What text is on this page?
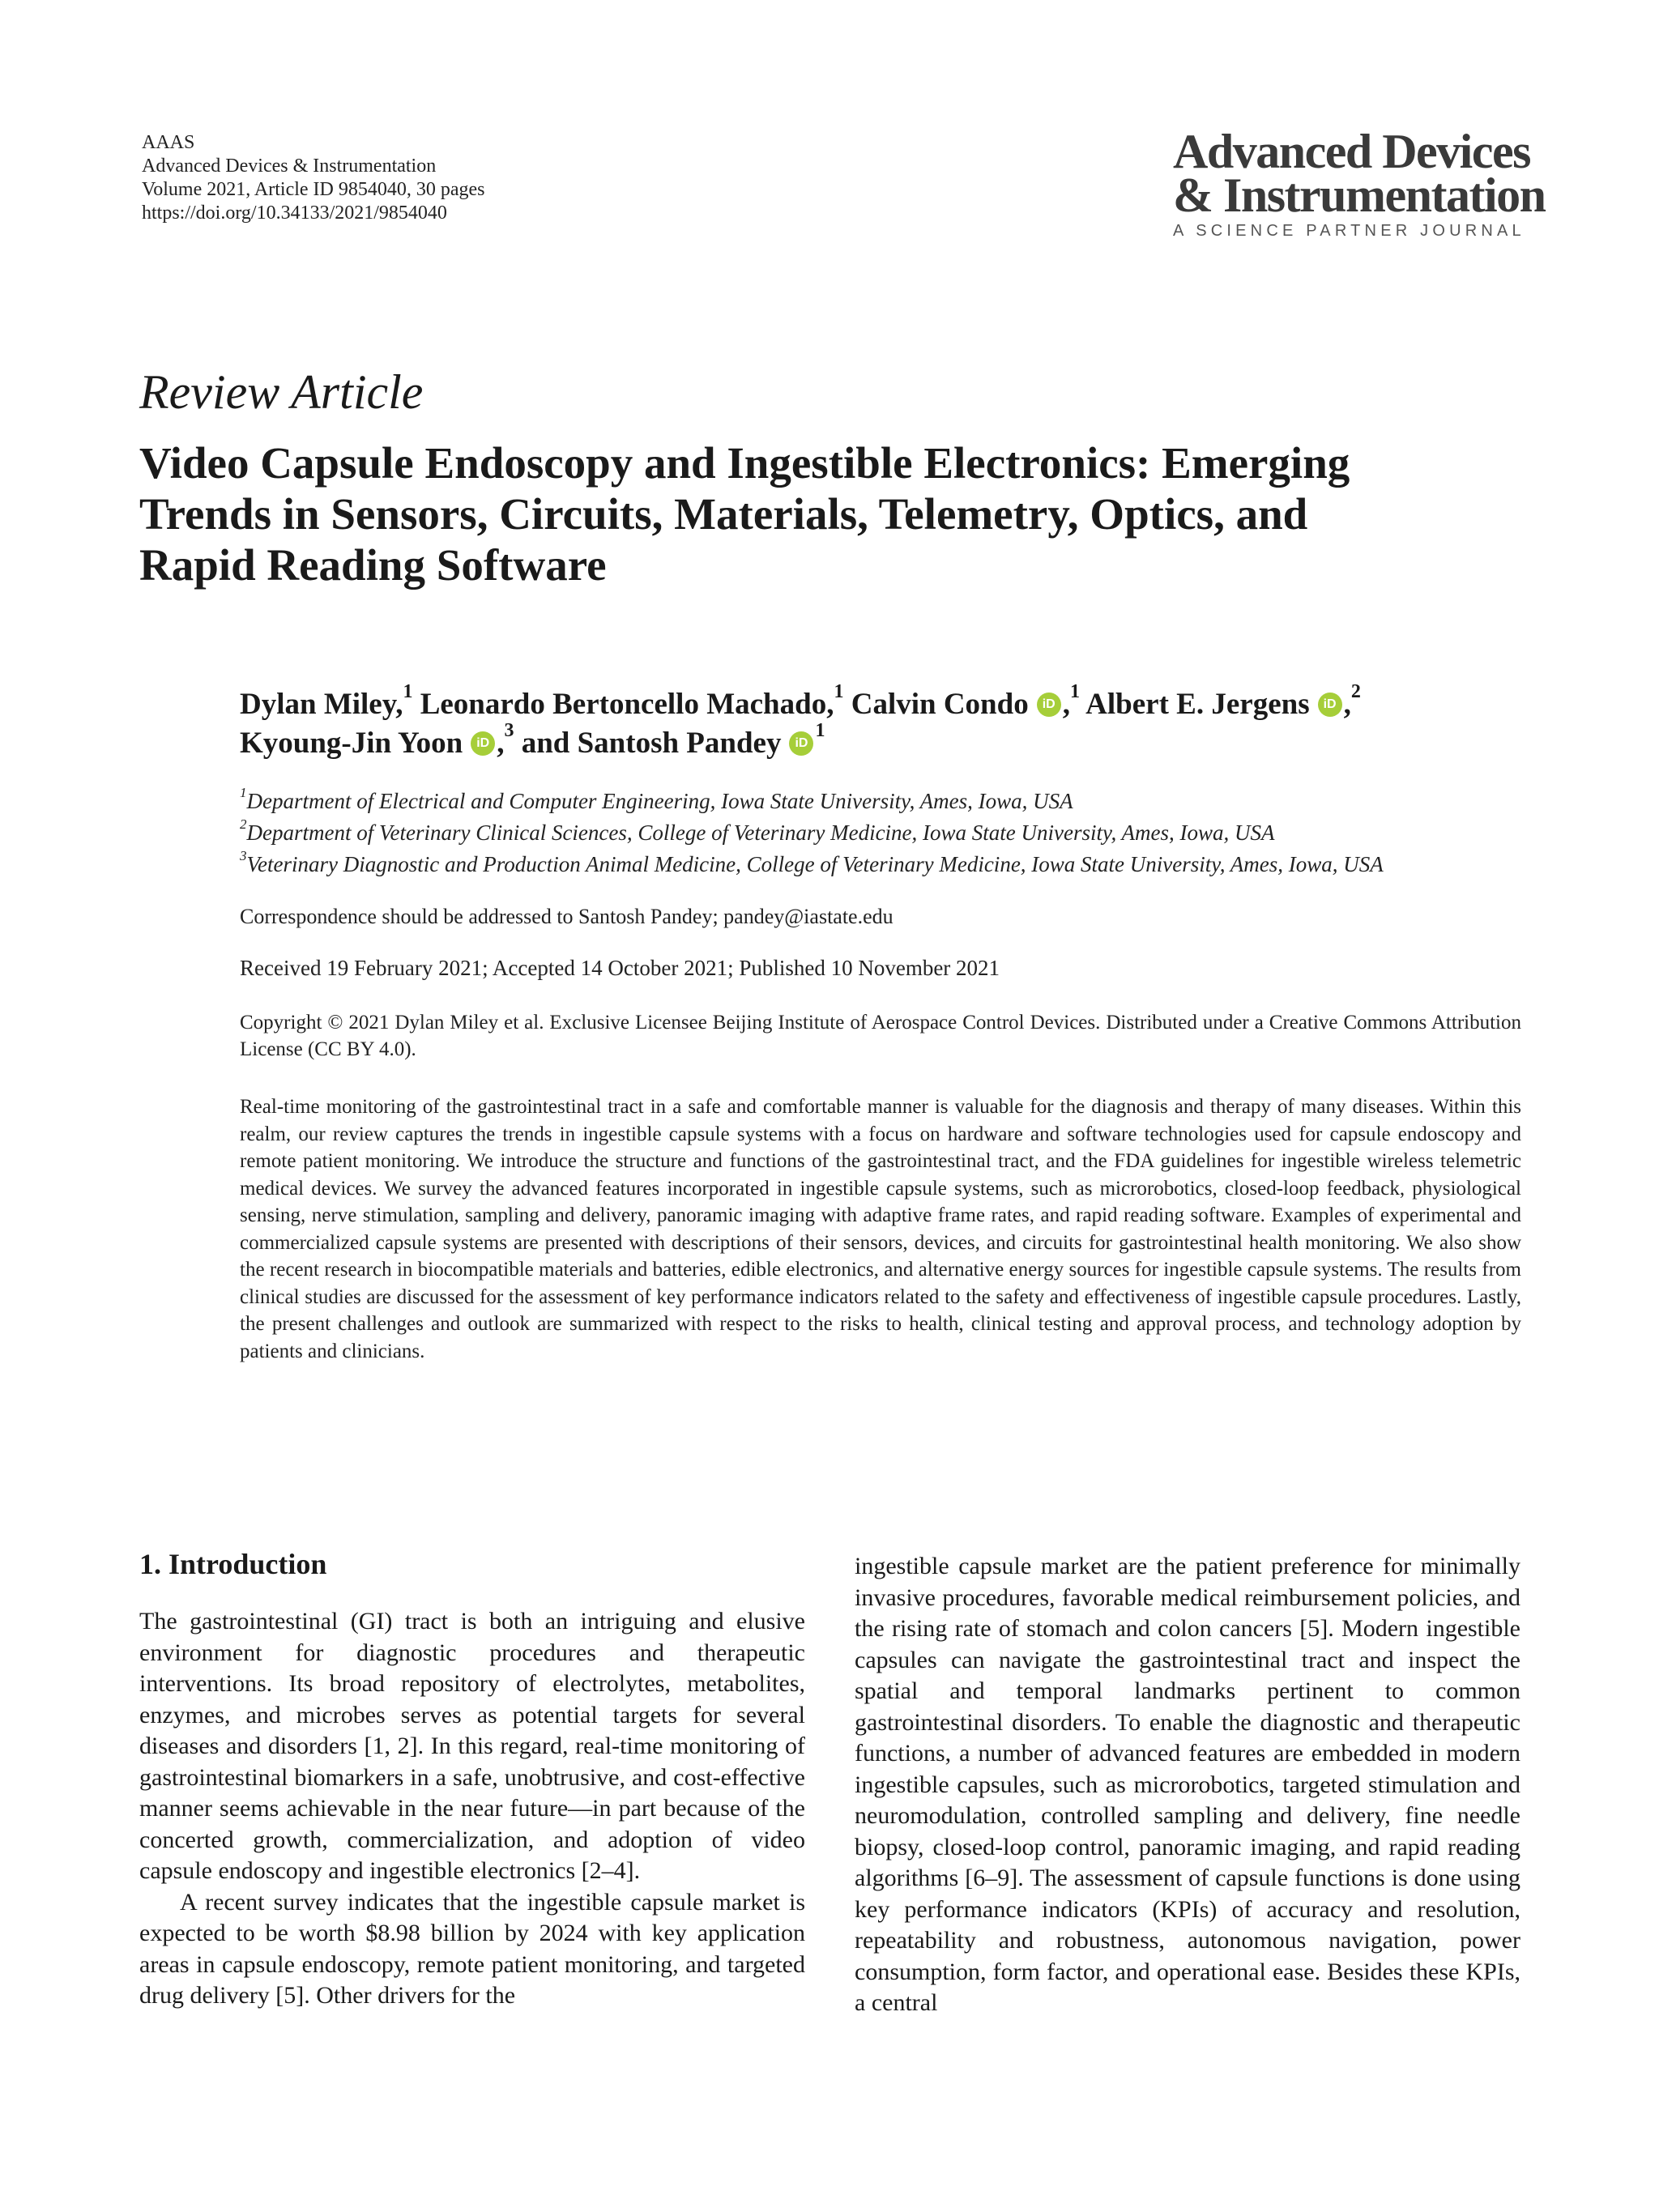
AAAS
Advanced Devices & Instrumentation
Volume 2021, Article ID 9854040, 30 pages
https://doi.org/10.34133/2021/9854040
Advanced Devices
& Instrumentation
A SCIENCE PARTNER JOURNAL
Review Article
Video Capsule Endoscopy and Ingestible Electronics: Emerging
Trends in Sensors, Circuits, Materials, Telemetry, Optics, and
Rapid Reading Software
Dylan Miley,$^1$ Leonardo Bertoncello Machado,$^1$ Calvin Condo iD ,$^1$ Albert E. Jergens iD ,$^2$
Kyoung-Jin Yoon iD ,$^3$ and Santosh Pandey $iD^1$
$^1$Department of Electrical and Computer Engineering, Iowa State University, Ames, Iowa, USA
$^2$Department of Veterinary Clinical Sciences, College of Veterinary Medicine, Iowa State University, Ames, Iowa, USA
$^3$Veterinary Diagnostic and Production Animal Medicine, College of Veterinary Medicine, Iowa State University, Ames, Iowa, USA
Correspondence should be addressed to Santosh Pandey; pandey@iastate.edu
Received 19 February 2021; Accepted 14 October 2021; Published 10 November 2021
Copyright © 2021 Dylan Miley et al. Exclusive Licensee Beijing Institute of Aerospace Control Devices. Distributed under a Creative Commons Attribution License (CC BY 4.0).
Real-time monitoring of the gastrointestinal tract in a safe and comfortable manner is valuable for the diagnosis and therapy of many diseases. Within this realm, our review captures the trends in ingestible capsule systems with a focus on hardware and software technologies used for capsule endoscopy and remote patient monitoring. We introduce the structure and functions of the gastrointestinal tract, and the FDA guidelines for ingestible wireless telemetric medical devices. We survey the advanced features incorporated in ingestible capsule systems, such as microrobotics, closed-loop feedback, physiological sensing, nerve stimulation, sampling and delivery, panoramic imaging with adaptive frame rates, and rapid reading software. Examples of experimental and commercialized capsule systems are presented with descriptions of their sensors, devices, and circuits for gastrointestinal health monitoring. We also show the recent research in biocompatible materials and batteries, edible electronics, and alternative energy sources for ingestible capsule systems. The results from clinical studies are discussed for the assessment of key performance indicators related to the safety and effectiveness of ingestible capsule procedures. Lastly, the present challenges and outlook are summarized with respect to the risks to health, clinical testing and approval process, and technology adoption by patients and clinicians.
1. Introduction

The gastrointestinal (GI) tract is both an intriguing and elusive environment for diagnostic procedures and therapeutic interventions. Its broad repository of electrolytes, metabolites, enzymes, and microbes serves as potential targets for several diseases and disorders [1, 2]. In this regard, real-time monitoring of gastrointestinal biomarkers in a safe, unobtrusive, and cost-effective manner seems achievable in the near future—in part because of the concerted growth, commercialization, and adoption of video capsule endoscopy and ingestible electronics [2–4].

A recent survey indicates that the ingestible capsule market is expected to be worth $8.98 billion by 2024 with key application areas in capsule endoscopy, remote patient monitoring, and targeted drug delivery [5]. Other drivers for the

ingestible capsule market are the patient preference for minimally invasive procedures, favorable medical reimbursement policies, and the rising rate of stomach and colon cancers [5]. Modern ingestible capsules can navigate the gastrointestinal tract and inspect the spatial and temporal landmarks pertinent to common gastrointestinal disorders. To enable the diagnostic and therapeutic functions, a number of advanced features are embedded in modern ingestible capsules, such as microrobotics, targeted stimulation and neuromodulation, controlled sampling and delivery, fine needle biopsy, closed-loop control, panoramic imaging, and rapid reading algorithms [6–9]. The assessment of capsule functions is done using key performance indicators (KPIs) of accuracy and resolution, repeatability and robustness, autonomous navigation, power consumption, form factor, and operational ease. Besides these KPIs, a central
